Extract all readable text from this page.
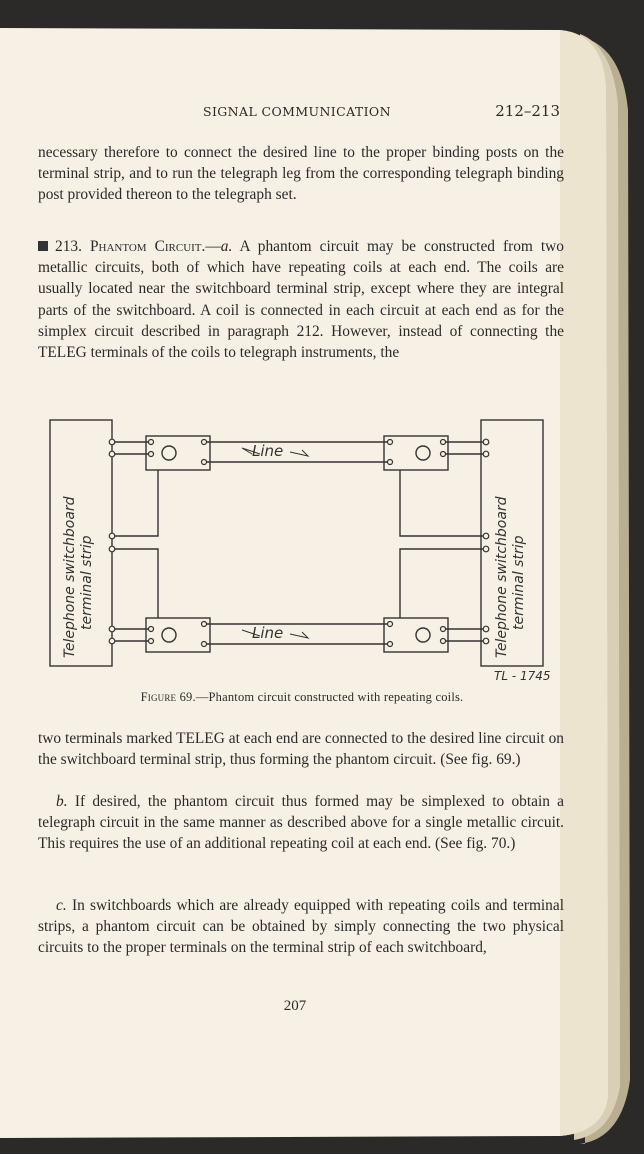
SIGNAL COMMUNICATION	212–213

necessary therefore to connect the desired line to the proper binding posts on the terminal strip, and to run the telegraph leg from the corresponding telegraph binding post provided thereon to the telegraph set.

213. Phantom Circuit.—a. A phantom circuit may be constructed from two metallic circuits, both of which have repeating coils at each end. The coils are usually located near the switchboard terminal strip, except where they are integral parts of the switchboard. A coil is connected in each circuit at each end as for the simplex circuit described in paragraph 212. However, instead of connecting the TELEG terminals of the coils to telegraph instruments, the

Line
Line
Telephone switchboard terminal strip	Telephone switchboard terminal strip
TL - 1745
Figure 69.—Phantom circuit constructed with repeating coils.

two terminals marked TELEG at each end are connected to the desired line circuit on the switchboard terminal strip, thus forming the phantom circuit. (See fig. 69.)

b. If desired, the phantom circuit thus formed may be simplexed to obtain a telegraph circuit in the same manner as described above for a single metallic circuit. This requires the use of an additional repeating coil at each end. (See fig. 70.)

c. In switchboards which are already equipped with repeating coils and terminal strips, a phantom circuit can be obtained by simply connecting the two physical circuits to the proper terminals on the terminal strip of each switchboard,

207
